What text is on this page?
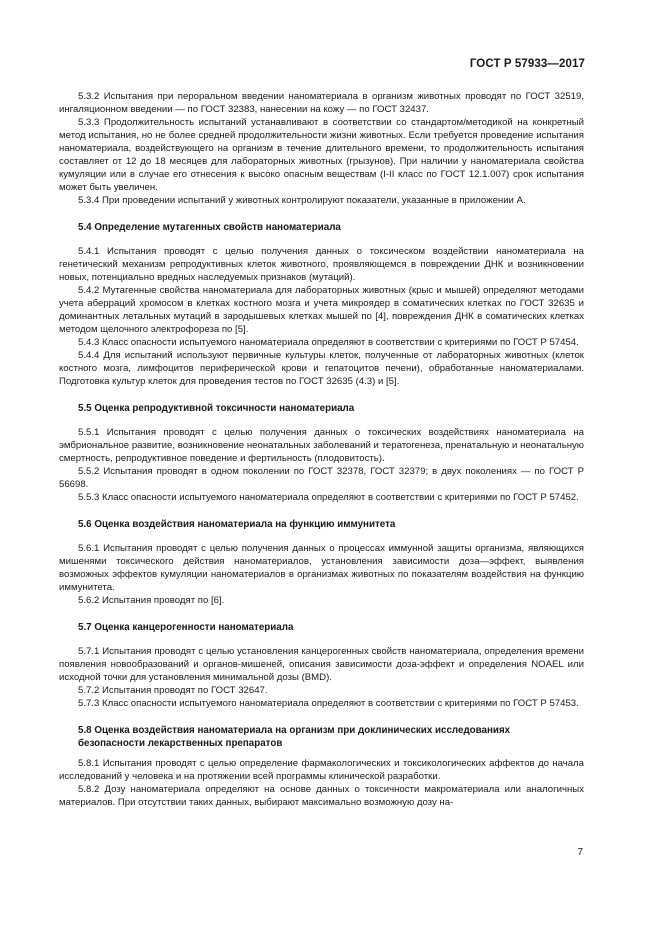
ГОСТ Р 57933—2017

5.3.2 Испытания при пероральном введении наноматериала в организм животных проводят по ГОСТ 32519, ингаляционном введении — по ГОСТ 32383, нанесении на кожу — по ГОСТ 32437.

5.3.3 Продолжительность испытаний устанавливают в соответствии со стандартом/методикой на конкретный метод испытания, но не более средней продолжительности жизни животных. Если требуется проведение испытания наноматериала, воздействующего на организм в течение длительного времени, то продолжительность испытания составляет от 12 до 18 месяцев для лабораторных животных (грызунов). При наличии у наноматериала свойства кумуляции или в случае его отнесения к высоко опасным веществам (I-II класс по ГОСТ 12.1.007) срок испытания может быть увеличен.

5.3.4 При проведении испытаний у животных контролируют показатели, указанные в приложении А.

5.4 Определение мутагенных свойств наноматериала

5.4.1 Испытания проводят с целью получения данных о токсическом воздействии наноматериала на генетический механизм репродуктивных клеток животного, проявляющемся в повреждении ДНК и возникновении новых, потенциально вредных наследуемых признаков (мутаций).

5.4.2 Мутагенные свойства наноматериала для лабораторных животных (крыс и мышей) определяют методами учета аберраций хромосом в клетках костного мозга и учета микроядер в соматических клетках по ГОСТ 32635 и доминантных летальных мутаций в зародышевых клетках мышей по [4], повреждения ДНК в соматических клетках методом щелочного электрофореза по [5].

5.4.3 Класс опасности испытуемого наноматериала определяют в соответствии с критериями по ГОСТ Р 57454.

5.4.4 Для испытаний используют первичные культуры клеток, полученные от лабораторных животных (клеток костного мозга, лимфоцитов периферической крови и гепатоцитов печени), обработанные наноматериалами. Подготовка культур клеток для проведения тестов по ГОСТ 32635 (4.3) и [5].

5.5 Оценка репродуктивной токсичности наноматериала

5.5.1 Испытания проводят с целью получения данных о токсических воздействиях наноматериала на эмбриональное развитие, возникновение неонатальных заболеваний и тератогенеза, пренатальную и неонатальную смертность, репродуктивное поведение и фертильность (плодовитость).

5.5.2 Испытания проводят в одном поколении по ГОСТ 32378, ГОСТ 32379; в двух поколениях — по ГОСТ Р 56698.

5.5.3 Класс опасности испытуемого наноматериала определяют в соответствии с критериями по ГОСТ Р 57452.

5.6 Оценка воздействия наноматериала на функцию иммунитета

5.6.1 Испытания проводят с целью получения данных о процессах иммунной защиты организма, являющихся мишенями токсического действия наноматериалов, установления зависимости доза—эффект, выявления возможных эффектов кумуляции наноматериалов в организмах животных по показателям воздействия на функцию иммунитета.

5.6.2 Испытания проводят по [6].

5.7 Оценка канцерогенности наноматериала

5.7.1 Испытания проводят с целью установления канцерогенных свойств наноматериала, определения времени появления новообразований и органов-мишеней, описания зависимости доза-эффект и определения NOAEL или исходной точки для установления минимальной дозы (BMD).

5.7.2 Испытания проводят по ГОСТ 32647.

5.7.3 Класс опасности испытуемого наноматериала определяют в соответствии с критериями по ГОСТ Р 57453.

5.8 Оценка воздействия наноматериала на организм при доклинических исследованиях
безопасности лекарственных препаратов

5.8.1 Испытания проводят с целью определение фармакологических и токсикологических аффектов до начала исследований у человека и на протяжении всей программы клинической разработки.

5.8.2 Дозу наноматериала определяют на основе данных о токсичности макроматериала или аналогичных материалов. При отсутствии таких данных, выбирают максимально возможную дозу на-

7
